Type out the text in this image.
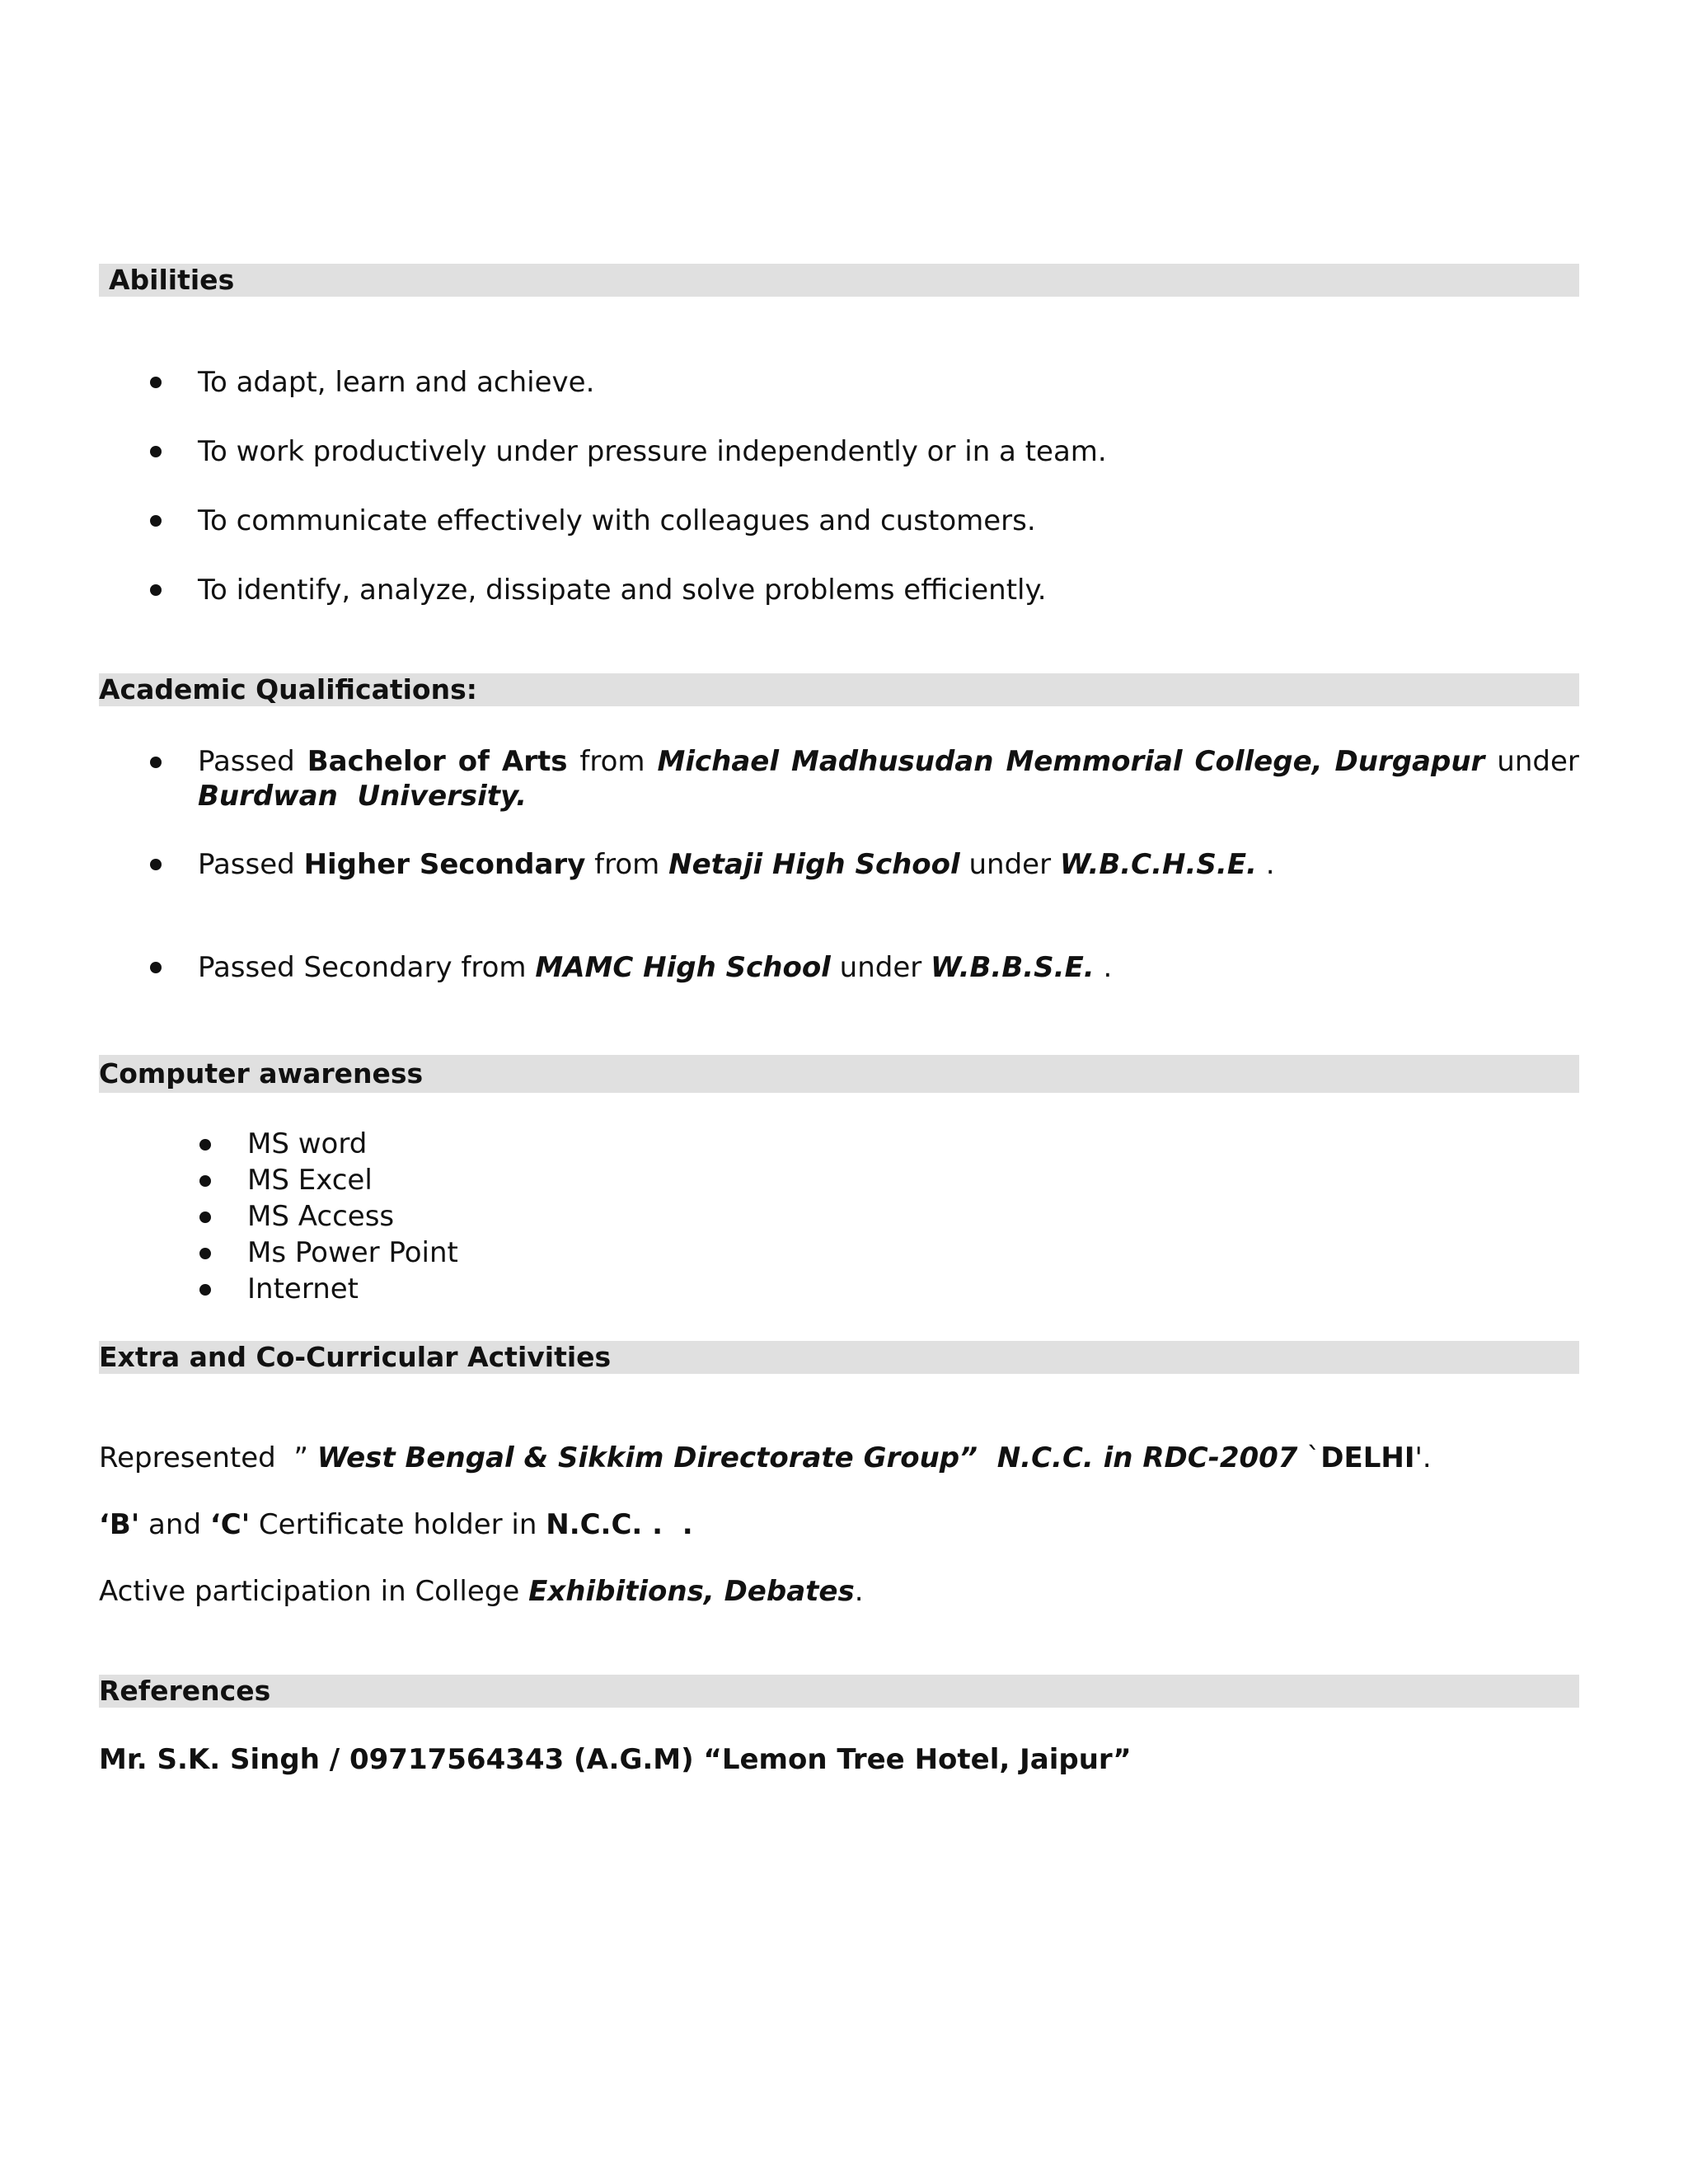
Abilities
To adapt, learn and achieve.
To work productively under pressure independently or in a team.
To communicate effectively with colleagues and customers.
To identify, analyze, dissipate and solve problems efficiently.
Academic Qualifications:
Passed Bachelor of Arts from Michael Madhusudan Memmorial College, Durgapur under
Burdwan  University.
Passed Higher Secondary from Netaji High School under W.B.C.H.S.E. .
Passed Secondary from MAMC High School under W.B.B.S.E. .
Computer awareness
MS word
MS Excel
MS Access
Ms Power Point
Internet
Extra and Co-Curricular Activities
Represented  ” West Bengal & Sikkim Directorate Group”  N.C.C. in RDC-2007 `DELHI'.
‘B' and ‘C' Certificate holder in N.C.C. .  .
Active participation in College Exhibitions, Debates.
References
Mr. S.K. Singh / 09717564343 (A.G.M) “Lemon Tree Hotel, Jaipur”
